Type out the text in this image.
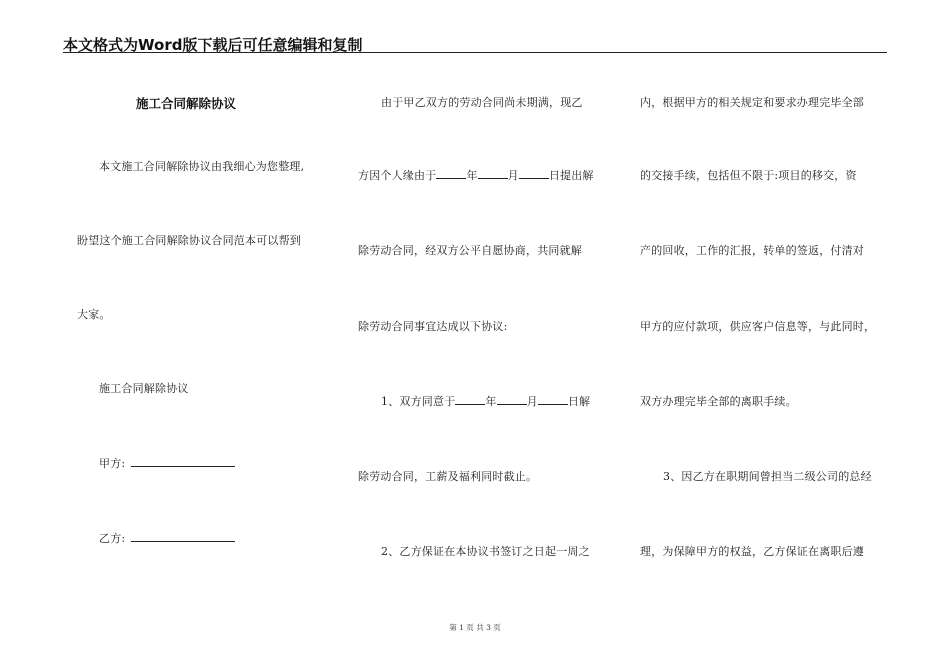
本文格式为Word版下载后可任意编辑和复制
施工合同解除协议
本文施工合同解除协议由我细心为您整理,
盼望这个施工合同解除协议合同范本可以帮到
大家。
施工合同解除协议
甲方:
乙方:
由于甲乙双方的劳动合同尚未期满，现乙
方因个人缘由于	年	月	日提出解
除劳动合同，经双方公平自愿协商，共同就解
除劳动合同事宜达成以下协议:
1、双方同意于	年	月	日解
除劳动合同，工薪及福利同时截止。
2、乙方保证在本协议书签订之日起一周之
内，根据甲方的相关规定和要求办理完毕全部
的交接手续，包括但不限于:项目的移交，资
产的回收，工作的汇报，转单的签返，付清对
甲方的应付款项，供应客户信息等，与此同时，
双方办理完毕全部的离职手续。
3、因乙方在职期间曾担当二级公司的总经
理，为保障甲方的权益，乙方保证在离职后遵
第 1 页 共 3 页
